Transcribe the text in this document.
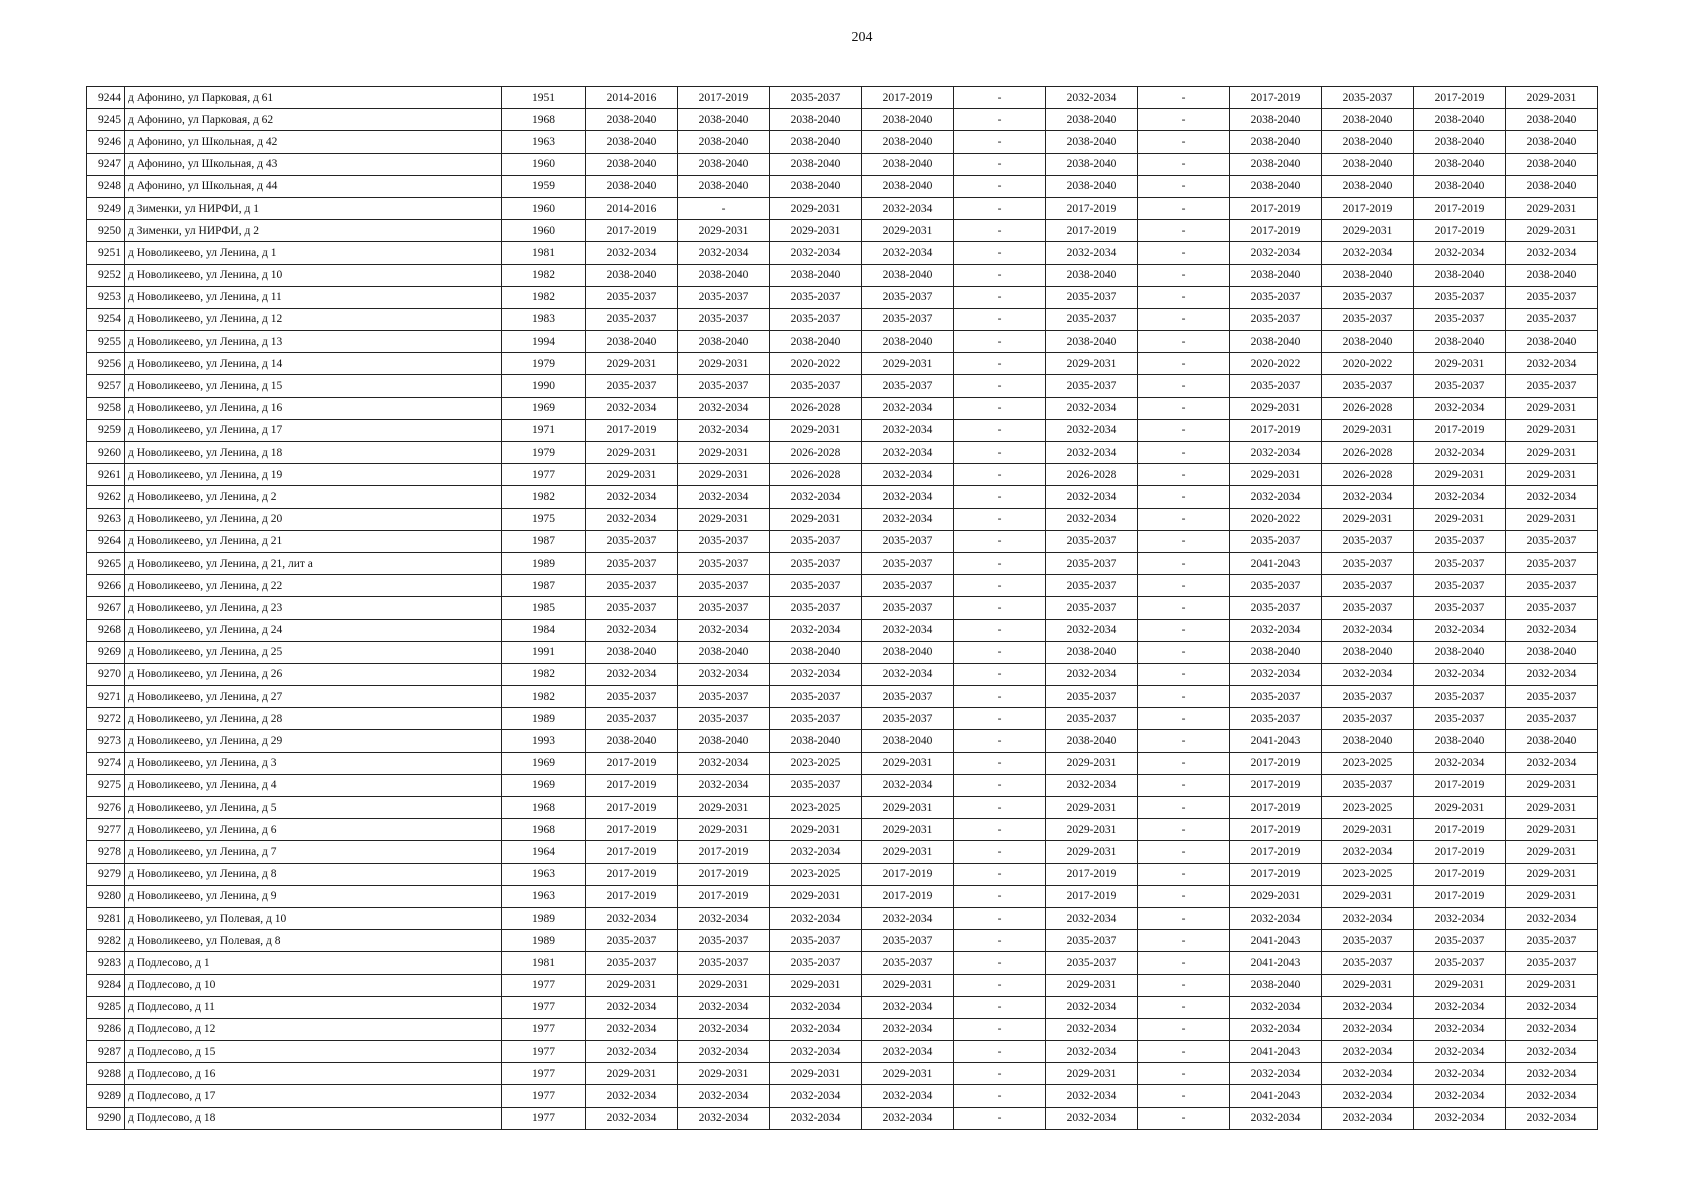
204
9244	д Афонино, ул Парковая, д 61	1951	2014-2016	2017-2019	2035-2037	2017-2019	-	2032-2034	-	2017-2019	2035-2037	2017-2019	2029-2031
9245	д Афонино, ул Парковая, д 62	1968	2038-2040	2038-2040	2038-2040	2038-2040	-	2038-2040	-	2038-2040	2038-2040	2038-2040	2038-2040
9246	д Афонино, ул Школьная, д 42	1963	2038-2040	2038-2040	2038-2040	2038-2040	-	2038-2040	-	2038-2040	2038-2040	2038-2040	2038-2040
9247	д Афонино, ул Школьная, д 43	1960	2038-2040	2038-2040	2038-2040	2038-2040	-	2038-2040	-	2038-2040	2038-2040	2038-2040	2038-2040
9248	д Афонино, ул Школьная, д 44	1959	2038-2040	2038-2040	2038-2040	2038-2040	-	2038-2040	-	2038-2040	2038-2040	2038-2040	2038-2040
9249	д Зименки, ул НИРФИ, д 1	1960	2014-2016	-	2029-2031	2032-2034	-	2017-2019	-	2017-2019	2017-2019	2017-2019	2029-2031
9250	д Зименки, ул НИРФИ, д 2	1960	2017-2019	2029-2031	2029-2031	2029-2031	-	2017-2019	-	2017-2019	2029-2031	2017-2019	2029-2031
9251	д Новоликеево, ул Ленина, д 1	1981	2032-2034	2032-2034	2032-2034	2032-2034	-	2032-2034	-	2032-2034	2032-2034	2032-2034	2032-2034
9252	д Новоликеево, ул Ленина, д 10	1982	2038-2040	2038-2040	2038-2040	2038-2040	-	2038-2040	-	2038-2040	2038-2040	2038-2040	2038-2040
9253	д Новоликеево, ул Ленина, д 11	1982	2035-2037	2035-2037	2035-2037	2035-2037	-	2035-2037	-	2035-2037	2035-2037	2035-2037	2035-2037
9254	д Новоликеево, ул Ленина, д 12	1983	2035-2037	2035-2037	2035-2037	2035-2037	-	2035-2037	-	2035-2037	2035-2037	2035-2037	2035-2037
9255	д Новоликеево, ул Ленина, д 13	1994	2038-2040	2038-2040	2038-2040	2038-2040	-	2038-2040	-	2038-2040	2038-2040	2038-2040	2038-2040
9256	д Новоликеево, ул Ленина, д 14	1979	2029-2031	2029-2031	2020-2022	2029-2031	-	2029-2031	-	2020-2022	2020-2022	2029-2031	2032-2034
9257	д Новоликеево, ул Ленина, д 15	1990	2035-2037	2035-2037	2035-2037	2035-2037	-	2035-2037	-	2035-2037	2035-2037	2035-2037	2035-2037
9258	д Новоликеево, ул Ленина, д 16	1969	2032-2034	2032-2034	2026-2028	2032-2034	-	2032-2034	-	2029-2031	2026-2028	2032-2034	2029-2031
9259	д Новоликеево, ул Ленина, д 17	1971	2017-2019	2032-2034	2029-2031	2032-2034	-	2032-2034	-	2017-2019	2029-2031	2017-2019	2029-2031
9260	д Новоликеево, ул Ленина, д 18	1979	2029-2031	2029-2031	2026-2028	2032-2034	-	2032-2034	-	2032-2034	2026-2028	2032-2034	2029-2031
9261	д Новоликеево, ул Ленина, д 19	1977	2029-2031	2029-2031	2026-2028	2032-2034	-	2026-2028	-	2029-2031	2026-2028	2029-2031	2029-2031
9262	д Новоликеево, ул Ленина, д 2	1982	2032-2034	2032-2034	2032-2034	2032-2034	-	2032-2034	-	2032-2034	2032-2034	2032-2034	2032-2034
9263	д Новоликеево, ул Ленина, д 20	1975	2032-2034	2029-2031	2029-2031	2032-2034	-	2032-2034	-	2020-2022	2029-2031	2029-2031	2029-2031
9264	д Новоликеево, ул Ленина, д 21	1987	2035-2037	2035-2037	2035-2037	2035-2037	-	2035-2037	-	2035-2037	2035-2037	2035-2037	2035-2037
9265	д Новоликеево, ул Ленина, д 21, лит а	1989	2035-2037	2035-2037	2035-2037	2035-2037	-	2035-2037	-	2041-2043	2035-2037	2035-2037	2035-2037
9266	д Новоликеево, ул Ленина, д 22	1987	2035-2037	2035-2037	2035-2037	2035-2037	-	2035-2037	-	2035-2037	2035-2037	2035-2037	2035-2037
9267	д Новоликеево, ул Ленина, д 23	1985	2035-2037	2035-2037	2035-2037	2035-2037	-	2035-2037	-	2035-2037	2035-2037	2035-2037	2035-2037
9268	д Новоликеево, ул Ленина, д 24	1984	2032-2034	2032-2034	2032-2034	2032-2034	-	2032-2034	-	2032-2034	2032-2034	2032-2034	2032-2034
9269	д Новоликеево, ул Ленина, д 25	1991	2038-2040	2038-2040	2038-2040	2038-2040	-	2038-2040	-	2038-2040	2038-2040	2038-2040	2038-2040
9270	д Новоликеево, ул Ленина, д 26	1982	2032-2034	2032-2034	2032-2034	2032-2034	-	2032-2034	-	2032-2034	2032-2034	2032-2034	2032-2034
9271	д Новоликеево, ул Ленина, д 27	1982	2035-2037	2035-2037	2035-2037	2035-2037	-	2035-2037	-	2035-2037	2035-2037	2035-2037	2035-2037
9272	д Новоликеево, ул Ленина, д 28	1989	2035-2037	2035-2037	2035-2037	2035-2037	-	2035-2037	-	2035-2037	2035-2037	2035-2037	2035-2037
9273	д Новоликеево, ул Ленина, д 29	1993	2038-2040	2038-2040	2038-2040	2038-2040	-	2038-2040	-	2041-2043	2038-2040	2038-2040	2038-2040
9274	д Новоликеево, ул Ленина, д 3	1969	2017-2019	2032-2034	2023-2025	2029-2031	-	2029-2031	-	2017-2019	2023-2025	2032-2034	2032-2034
9275	д Новоликеево, ул Ленина, д 4	1969	2017-2019	2032-2034	2035-2037	2032-2034	-	2032-2034	-	2017-2019	2035-2037	2017-2019	2029-2031
9276	д Новоликеево, ул Ленина, д 5	1968	2017-2019	2029-2031	2023-2025	2029-2031	-	2029-2031	-	2017-2019	2023-2025	2029-2031	2029-2031
9277	д Новоликеево, ул Ленина, д 6	1968	2017-2019	2029-2031	2029-2031	2029-2031	-	2029-2031	-	2017-2019	2029-2031	2017-2019	2029-2031
9278	д Новоликеево, ул Ленина, д 7	1964	2017-2019	2017-2019	2032-2034	2029-2031	-	2029-2031	-	2017-2019	2032-2034	2017-2019	2029-2031
9279	д Новоликеево, ул Ленина, д 8	1963	2017-2019	2017-2019	2023-2025	2017-2019	-	2017-2019	-	2017-2019	2023-2025	2017-2019	2029-2031
9280	д Новоликеево, ул Ленина, д 9	1963	2017-2019	2017-2019	2029-2031	2017-2019	-	2017-2019	-	2029-2031	2029-2031	2017-2019	2029-2031
9281	д Новоликеево, ул Полевая, д 10	1989	2032-2034	2032-2034	2032-2034	2032-2034	-	2032-2034	-	2032-2034	2032-2034	2032-2034	2032-2034
9282	д Новоликеево, ул Полевая, д 8	1989	2035-2037	2035-2037	2035-2037	2035-2037	-	2035-2037	-	2041-2043	2035-2037	2035-2037	2035-2037
9283	д Подлесово, д 1	1981	2035-2037	2035-2037	2035-2037	2035-2037	-	2035-2037	-	2041-2043	2035-2037	2035-2037	2035-2037
9284	д Подлесово, д 10	1977	2029-2031	2029-2031	2029-2031	2029-2031	-	2029-2031	-	2038-2040	2029-2031	2029-2031	2029-2031
9285	д Подлесово, д 11	1977	2032-2034	2032-2034	2032-2034	2032-2034	-	2032-2034	-	2032-2034	2032-2034	2032-2034	2032-2034
9286	д Подлесово, д 12	1977	2032-2034	2032-2034	2032-2034	2032-2034	-	2032-2034	-	2032-2034	2032-2034	2032-2034	2032-2034
9287	д Подлесово, д 15	1977	2032-2034	2032-2034	2032-2034	2032-2034	-	2032-2034	-	2041-2043	2032-2034	2032-2034	2032-2034
9288	д Подлесово, д 16	1977	2029-2031	2029-2031	2029-2031	2029-2031	-	2029-2031	-	2032-2034	2032-2034	2032-2034	2032-2034
9289	д Подлесово, д 17	1977	2032-2034	2032-2034	2032-2034	2032-2034	-	2032-2034	-	2041-2043	2032-2034	2032-2034	2032-2034
9290	д Подлесово, д 18	1977	2032-2034	2032-2034	2032-2034	2032-2034	-	2032-2034	-	2032-2034	2032-2034	2032-2034	2032-2034
